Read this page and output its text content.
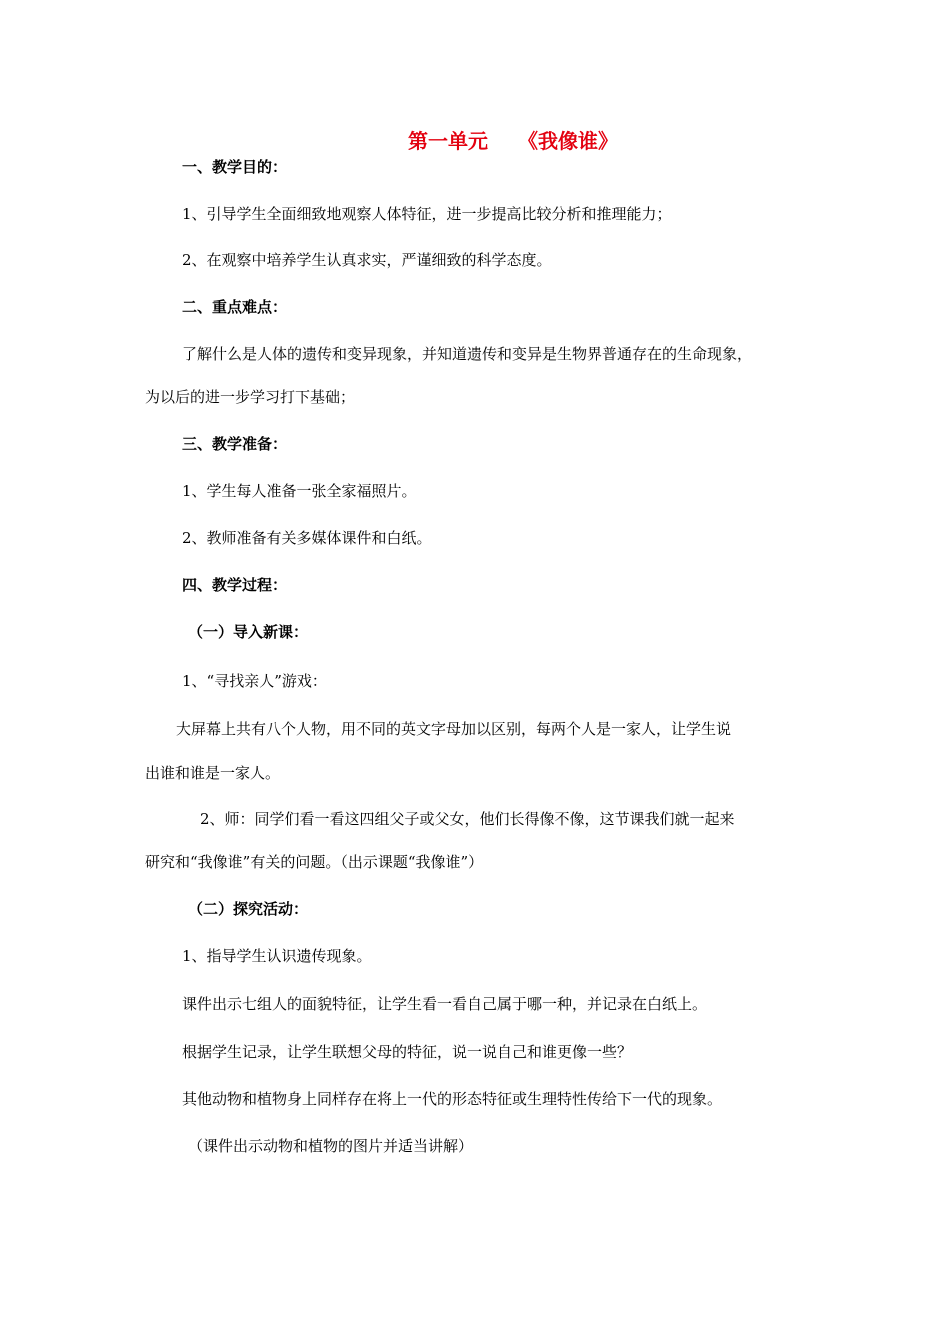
第一单元 《我像谁》
一、教学目的：
1、引导学生全面细致地观察人体特征，进一步提高比较分析和推理能力；
2、在观察中培养学生认真求实，严谨细致的科学态度。
二、重点难点：
了解什么是人体的遗传和变异现象，并知道遗传和变异是生物界普通存在的生命现象，
为以后的进一步学习打下基础；
三、教学准备：
1、学生每人准备一张全家福照片。
2、教师准备有关多媒体课件和白纸。
四、教学过程：
（一）导入新课：
1、“寻找亲人”游戏：
大屏幕上共有八个人物，用不同的英文字母加以区别，每两个人是一家人，让学生说
出谁和谁是一家人。
2、师：同学们看一看这四组父子或父女，他们长得像不像，这节课我们就一起来
研究和“我像谁”有关的问题。（出示课题“我像谁”）
（二）探究活动：
1、指导学生认识遗传现象。
课件出示七组人的面貌特征，让学生看一看自己属于哪一种，并记录在白纸上。
根据学生记录，让学生联想父母的特征，说一说自己和谁更像一些？
其他动物和植物身上同样存在将上一代的形态特征或生理特性传给下一代的现象。
（课件出示动物和植物的图片并适当讲解）
